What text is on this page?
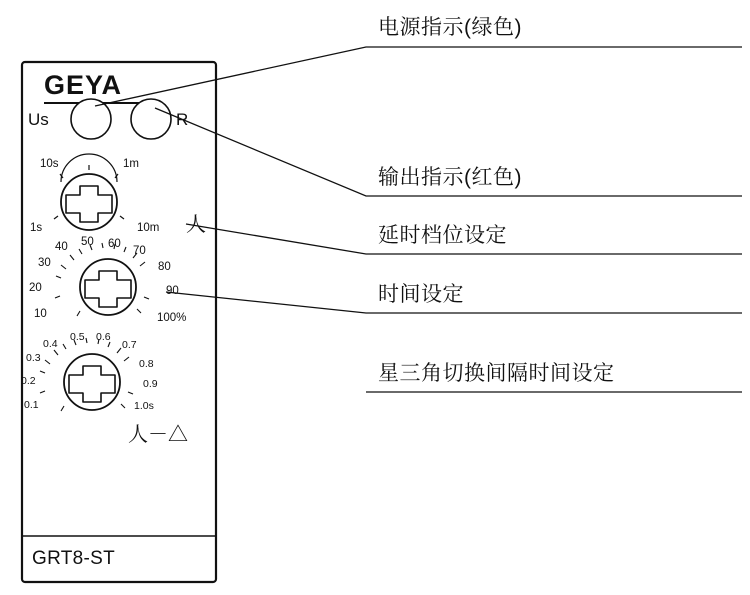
GEYA
Us	R
人
人－△
GRT8-ST
10s	1m
1s	10m
40 50 60
70
30	80
20	90
10	100%
0.4
0.5 0.6
0.7
0.3	0.8
0.2	0.9
0.1	1.0s
电源指示(绿色)
输出指示(红色)
延时档位设定
时间设定
星三角切换间隔时间设定
